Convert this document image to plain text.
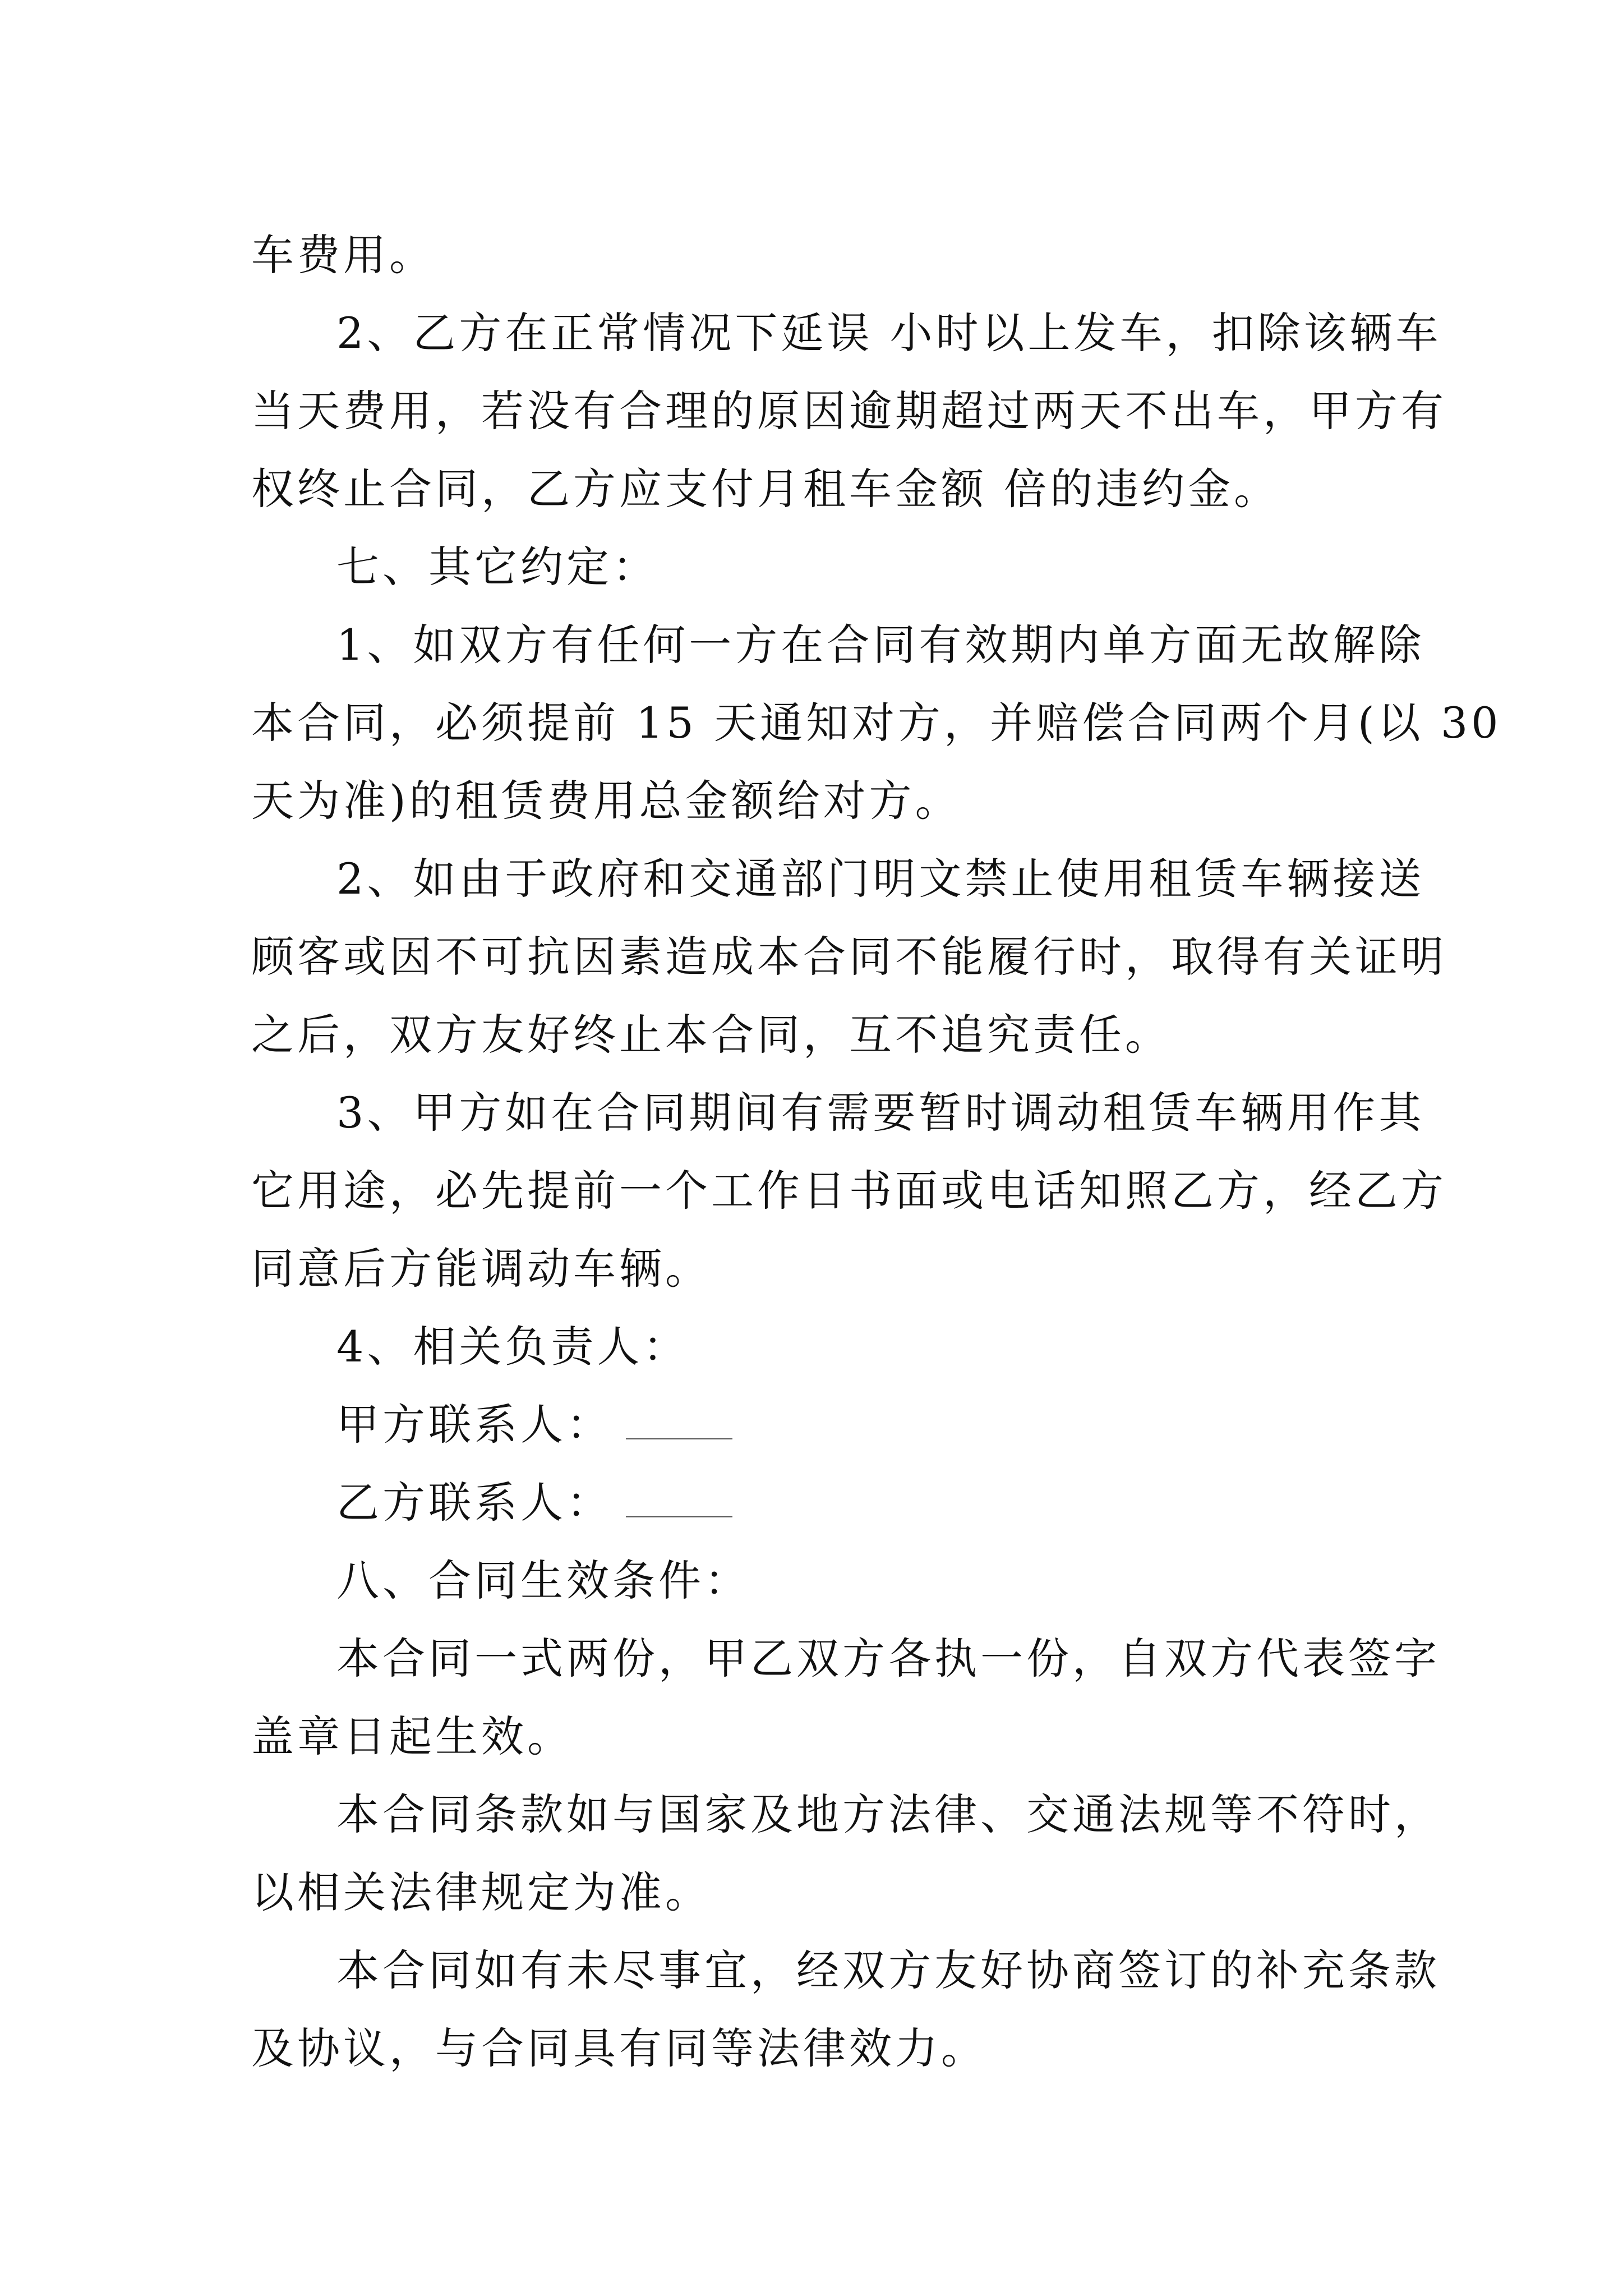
车费用。
2、乙方在正常情况下延误 小时以上发车，扣除该辆车
当天费用，若没有合理的原因逾期超过两天不出车，甲方有
权终止合同，乙方应支付月租车金额 倍的违约金。
七、其它约定：
1、如双方有任何一方在合同有效期内单方面无故解除
本合同，必须提前 15 天通知对方，并赔偿合同两个月(以 30
天为准)的租赁费用总金额给对方。
2、如由于政府和交通部门明文禁止使用租赁车辆接送
顾客或因不可抗因素造成本合同不能履行时，取得有关证明
之后，双方友好终止本合同，互不追究责任。
3、甲方如在合同期间有需要暂时调动租赁车辆用作其
它用途，必先提前一个工作日书面或电话知照乙方，经乙方
同意后方能调动车辆。
4、相关负责人：
甲方联系人：
乙方联系人：
八、合同生效条件：
本合同一式两份，甲乙双方各执一份，自双方代表签字
盖章日起生效。
本合同条款如与国家及地方法律、交通法规等不符时，
以相关法律规定为准。
本合同如有未尽事宜，经双方友好协商签订的补充条款
及协议，与合同具有同等法律效力。
